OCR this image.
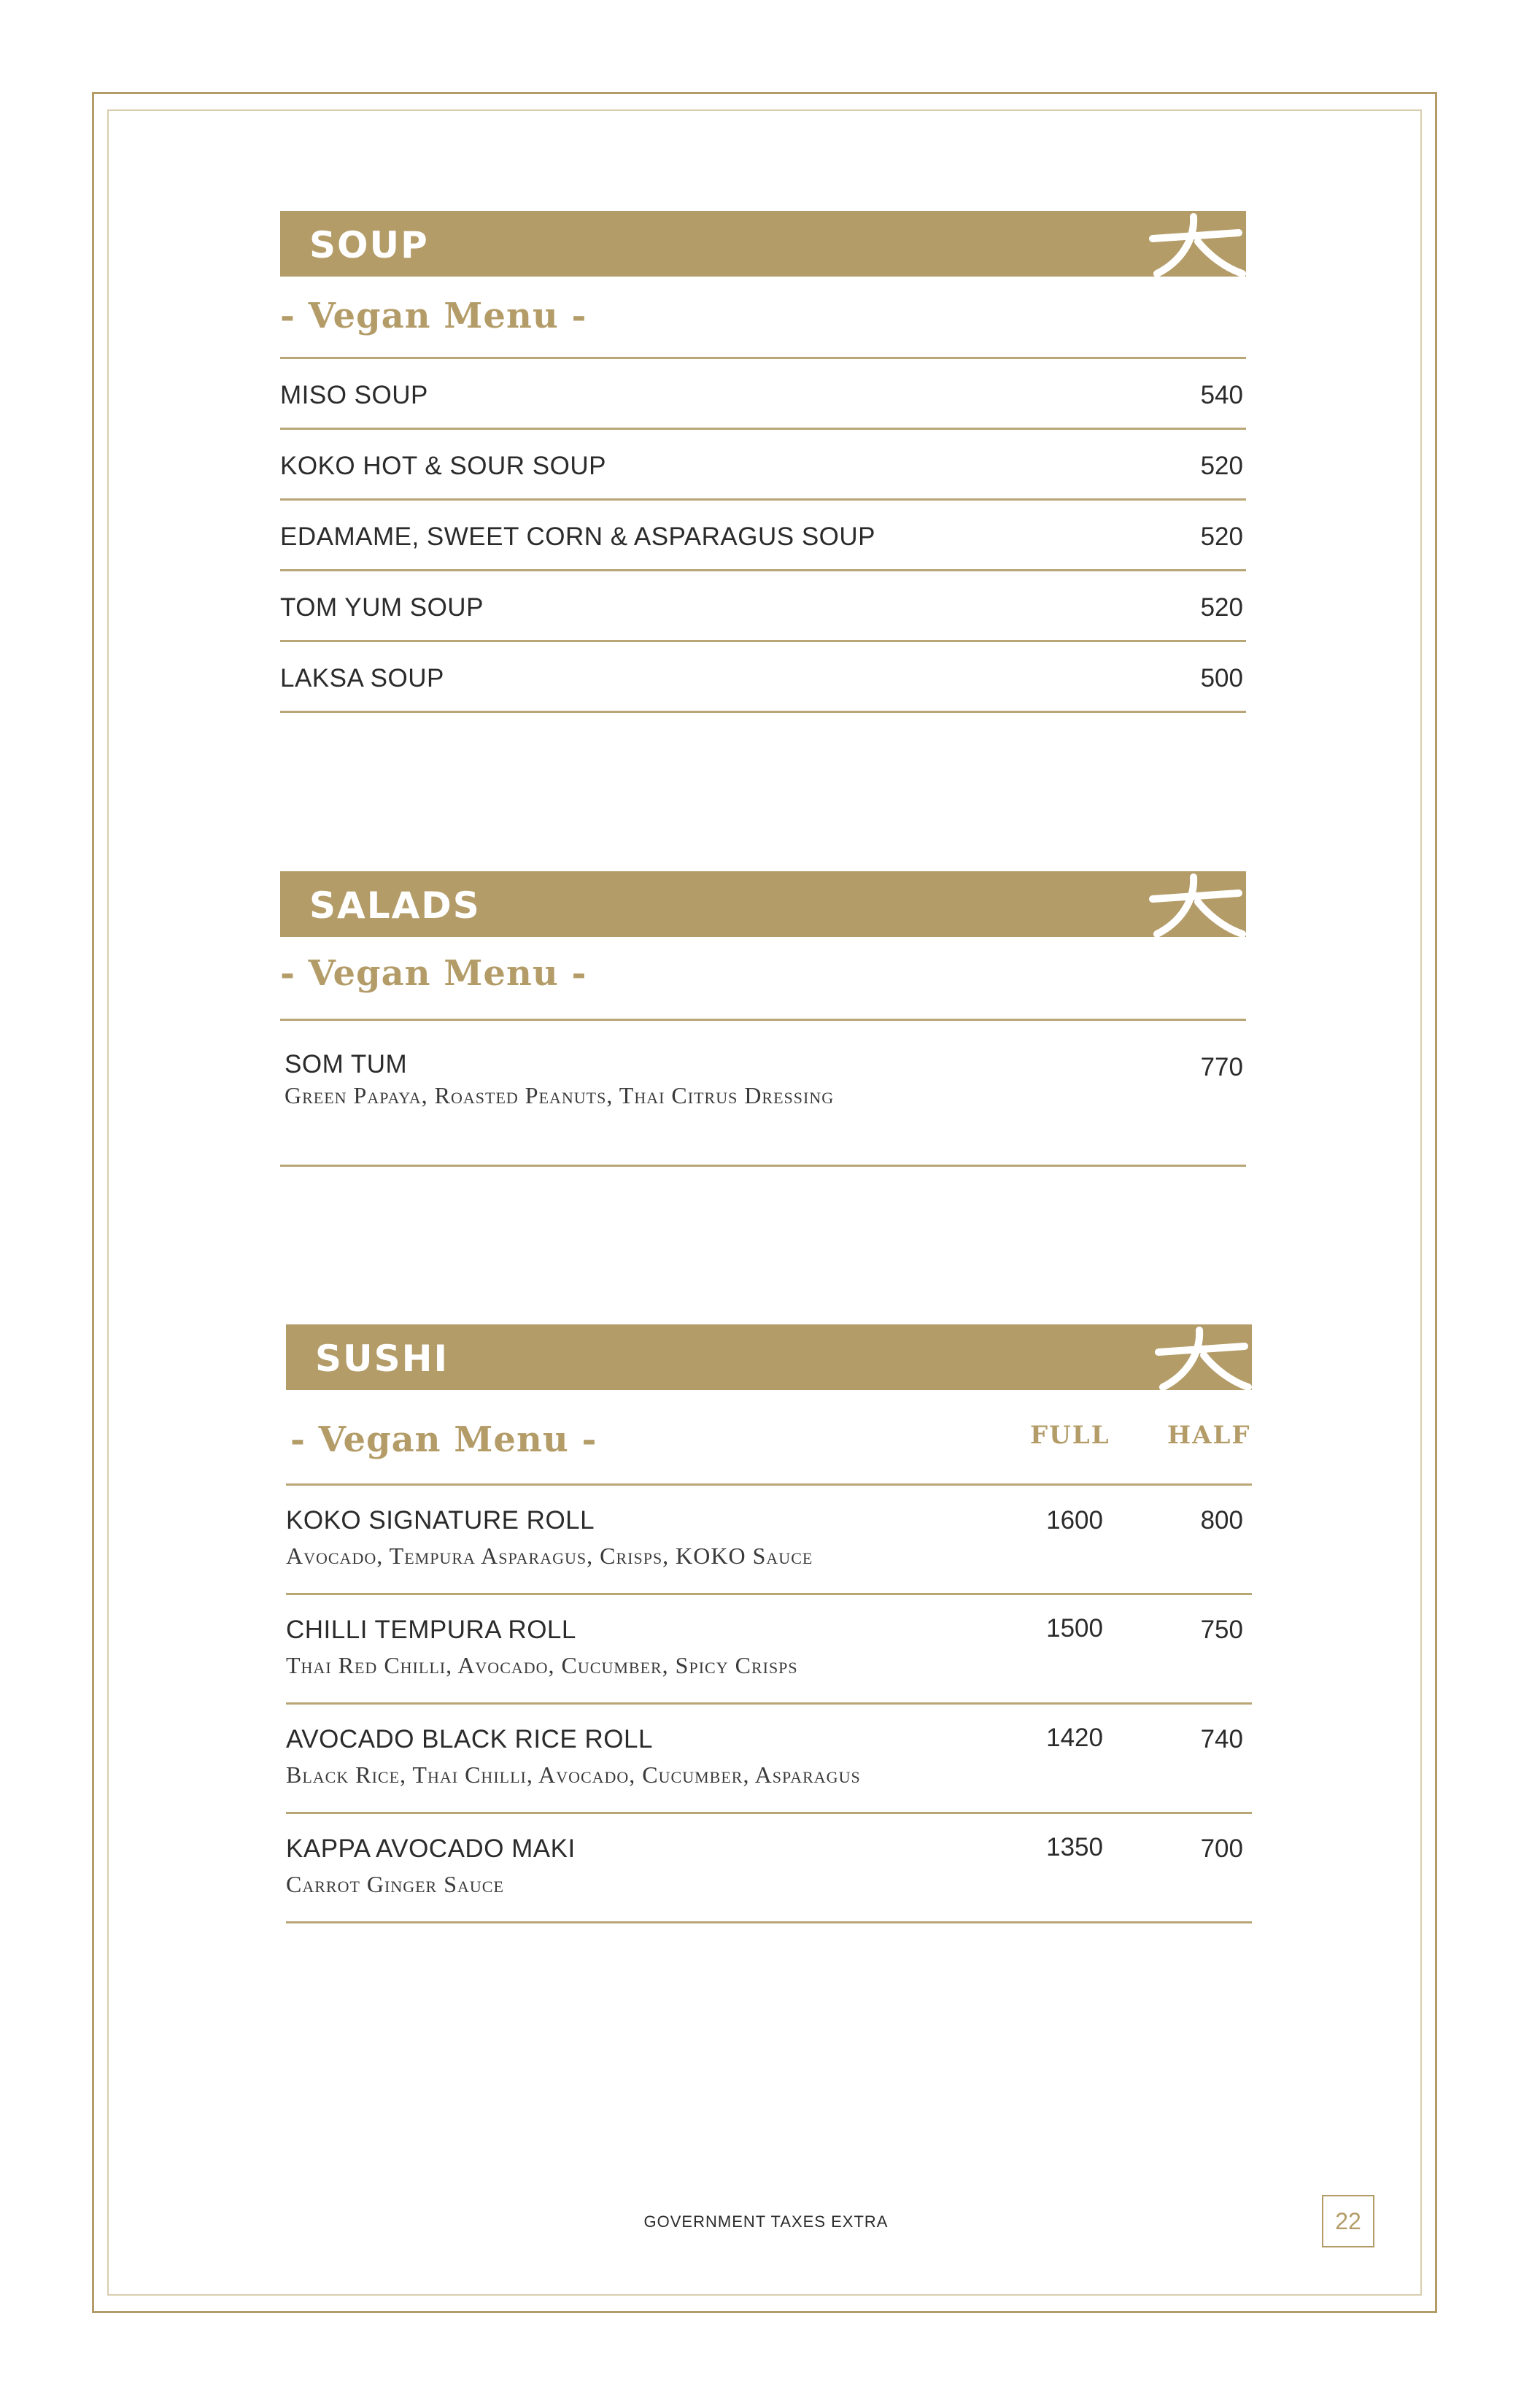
SOUP
- Vegan Menu -
MISO SOUP	540
KOKO HOT & SOUR SOUP	520
EDAMAME, SWEET CORN & ASPARAGUS SOUP	520
TOM YUM SOUP	520
LAKSA SOUP	500
SALADS
- Vegan Menu -
SOM TUM
Green Papaya, Roasted Peanuts, Thai Citrus Dressing
770
SUSHI
- Vegan Menu -	FULL HALF
KOKO SIGNATURE ROLL
Avocado, Tempura Asparagus, Crisps, KOKO Sauce
1600	800
CHILLI TEMPURA ROLL
Thai Red Chilli, Avocado, Cucumber, Spicy Crisps
1500	750
AVOCADO BLACK RICE ROLL
Black Rice, Thai Chilli, Avocado, Cucumber, Asparagus
1420	740
KAPPA AVOCADO MAKI
Carrot Ginger Sauce
1350	700
GOVERNMENT TAXES EXTRA	22
